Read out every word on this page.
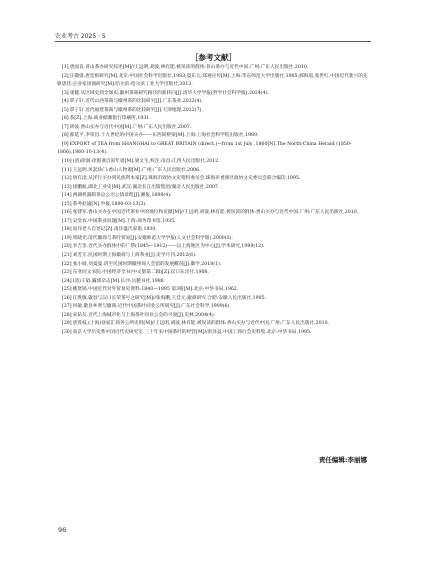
农业考古 2025 · 5
［参考文献］
[1]唐国良.普山茶办研究综述[M]//王远明,胡波,林有能.被误读的群体:普山茶办与近代中国.广州:广东人民出版社,2010.
[2]汪敬虞.唐廷枢研究[M].北京:中国社会科学出版社,1983;夏东元.郑观应传[M].上海:华东师范大学出版社,1985;郝海道,张世红.中国近代新兴的先驱唐廷:企业家徐润研究[M].哈尔滨:哈尔滨工业大学出版社,2013.
[3]康健.从区域史到全球史:徽州茶商研究路径的新转向[J].清华大学学报(哲学社会科学版),2024(4).
[4]覃子轩.近代山西茶商与徽州茶的比较研究[J].广东茶业,2022(4).
[5]覃子轩.近代福建茶商与徽州茶的比较研究[J].天津地理,2022(7).
[6]茶[Z].上海:商业储蓄银行印刷所,1931.
[7]胡波.香山买办与近代中国[M].广州:广东人民出版社,2007.
[8]郝延平,李荣昌.十九世纪的中国买办——东西间桥梁[M].上海:上海社会科学院出版社,1989.
[9]EXPORT of TEA from SHANGHAI to GREAT BRITAIN (direct,)—from 1st July ,1860[N].The North-China Herald (1850-1866),1860-10-13(4).
[10](清)徐润.徐愚斋自叙年谱[M].梁文生,校注.南昌:江西人民出版社,2012.
[11]王远明.风起珍门:香山人物谱[M].广州:广东人民出版社,2006.
[12]唐有淦.从洋行买办到民族资本家[Z].珠海市政协文史资料委员会,珠海市香洲区政协文史委员会联合编印,1995.
[13]徐鹏航.湖北工业史[M].武汉:湖北长江出版集团/湖北人民出版社,2007.
[14]两湖机器制茶总公司公债章程[J].湘报,1898(4).
[15]茶务掂谕[N].申报,1890-03-13(2).
[16]张建军.香山买办在中国近代茶业中的地位和贡献[M]//王远明,胡波,林有能.被误读的群体:香山买办与近代中国.广州:广东人民出版社,2010.
[17]吴觉农.中国茶业问题[M].上海:商务印书馆,1935.
[18]南洋老人自述记[Z].南洋盛氏家谱,1930.
[19]周晓光.清代徽商与茶叶贸易[J].安徽师范大学学报(人文社会科学版),2000(3).
[20]李吉奎.近代买办群体中的广帮(1845—1912)——以上海地区为中心[J].学术研究,1999(12).
[21]刘芳正.民国时期上海徽商与上海茶业[J].史学月刊,2012(6).
[22]张小坡,刘曼曼.清至民国时期徽州商人会馆的发展概况[J].徽学,2018(1).
[23]东亚同文书院.中国经济全书(中文版第二辑)[Z].汉口东洋社,1908.
[24](清)王韬.瀛壖杂志[M].长沙:岳麓书社,1988.
[25]姚贤镐.中国近代对外贸易史资料:1840—1895 第3册[M].北京:中华书局,1962.
[26]江胜敏.歙县与汉口长荣茶号之研究[M]//张海鹏,王廷元.徽商研究.合肥:安徽人民出版社,1995.
[27]何敏.歙县乡贤与徽商:近代中国茶叶同业公所研究[J].广东社会科学,1999(6).
[28]宋钻友.近代上海城市化与上海茶叶同业公会的兴衰[J].史林,2004(4).
[29]唐莲枝.(上海)徐家汇商务公所史料[M]//王远明,胡波,林有能.被误读的群体:香山买办与近代中国.广州:广东人民出版社,2010.
[30]南京大学历史系中国近代史研究室.三十年来中国茶叶的经营[M]//彭泽益.中国工商行会史料集.北京:中华书局,1995.
责任编辑:李丽娜
96
